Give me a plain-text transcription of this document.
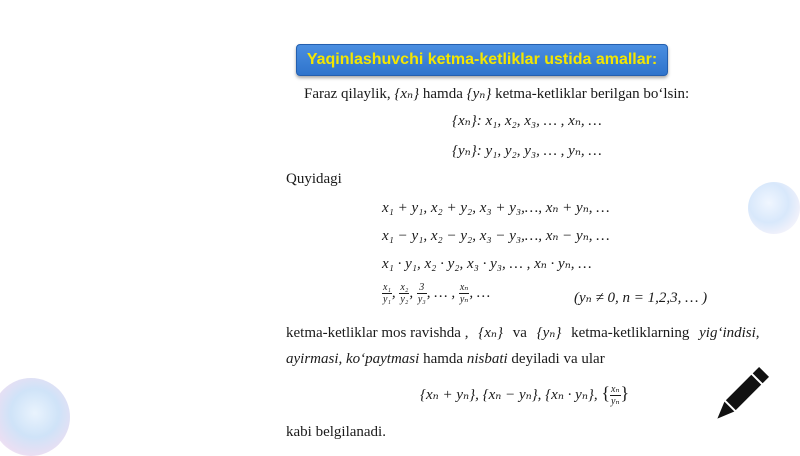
Yaqinlashuvchi ketma-ketliklar ustida amallar:
Faraz qilaylik, {xₙ} hamda {yₙ} ketma-ketliklar berilgan bo‘lsin:
{xₙ}: x₁, x₂, x₃, … , xₙ, …
{yₙ}: y₁, y₂, y₃, … , yₙ, …
Quyidagi
x₁ + y₁, x₂ + y₂, x₃ + y₃,…, xₙ + yₙ, …
x₁ − y₁, x₂ − y₂, x₃ − y₃,…, xₙ − yₙ, …
x₁ · y₁, x₂ · y₂, x₃ · y₃, … , xₙ · yₙ, …
$\frac{\text{x₁}}{\text{y₁}}$ , $\frac{\text{x₂}}{\text{y₂}}$ , $\frac{3}{\text{y₃}}$ , … , $\frac{\text{xₙ}}{\text{yₙ}}$ , …	(yₙ ≠ 0, n = 1,2,3, … )
ketma-ketliklar mos ravishda , {xₙ} va {yₙ} ketma-ketliklarning yig‘indisi,
ayirmasi, ko‘paytmasi hamda nisbati deyiladi va ular
{xₙ + yₙ}, {xₙ − yₙ}, {xₙ · yₙ}, { $\frac{\text{xₙ}}{\text{yₙ}}$ }
kabi belgilanadi.
